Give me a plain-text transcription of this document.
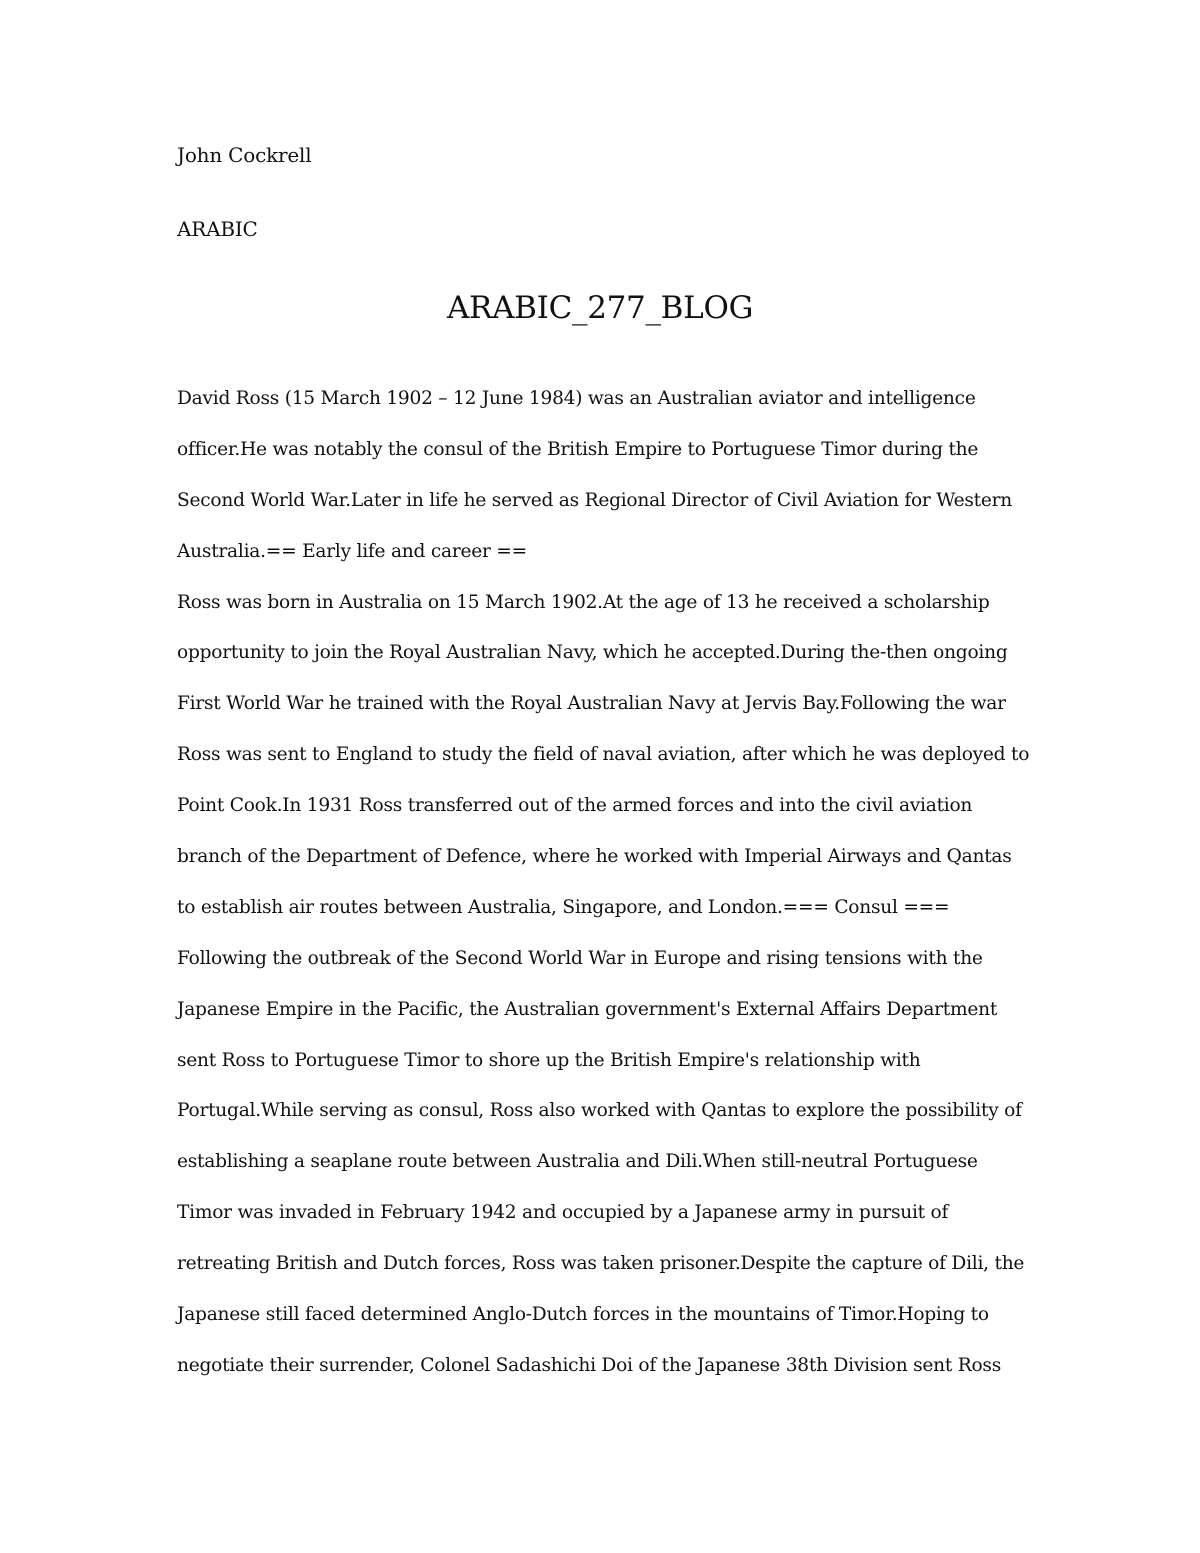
John Cockrell
ARABIC
ARABIC_277_BLOG
David Ross (15 March 1902 – 12 June 1984) was an Australian aviator and intelligence
officer.He was notably the consul of the British Empire to Portuguese Timor during the
Second World War.Later in life he served as Regional Director of Civil Aviation for Western
Australia.== Early life and career ==
Ross was born in Australia on 15 March 1902.At the age of 13 he received a scholarship
opportunity to join the Royal Australian Navy, which he accepted.During the-then ongoing
First World War he trained with the Royal Australian Navy at Jervis Bay.Following the war
Ross was sent to England to study the field of naval aviation, after which he was deployed to
Point Cook.In 1931 Ross transferred out of the armed forces and into the civil aviation
branch of the Department of Defence, where he worked with Imperial Airways and Qantas
to establish air routes between Australia, Singapore, and London.=== Consul ===
Following the outbreak of the Second World War in Europe and rising tensions with the
Japanese Empire in the Pacific, the Australian government's External Affairs Department
sent Ross to Portuguese Timor to shore up the British Empire's relationship with
Portugal.While serving as consul, Ross also worked with Qantas to explore the possibility of
establishing a seaplane route between Australia and Dili.When still-neutral Portuguese
Timor was invaded in February 1942 and occupied by a Japanese army in pursuit of
retreating British and Dutch forces, Ross was taken prisoner.Despite the capture of Dili, the
Japanese still faced determined Anglo-Dutch forces in the mountains of Timor.Hoping to
negotiate their surrender, Colonel Sadashichi Doi of the Japanese 38th Division sent Ross
